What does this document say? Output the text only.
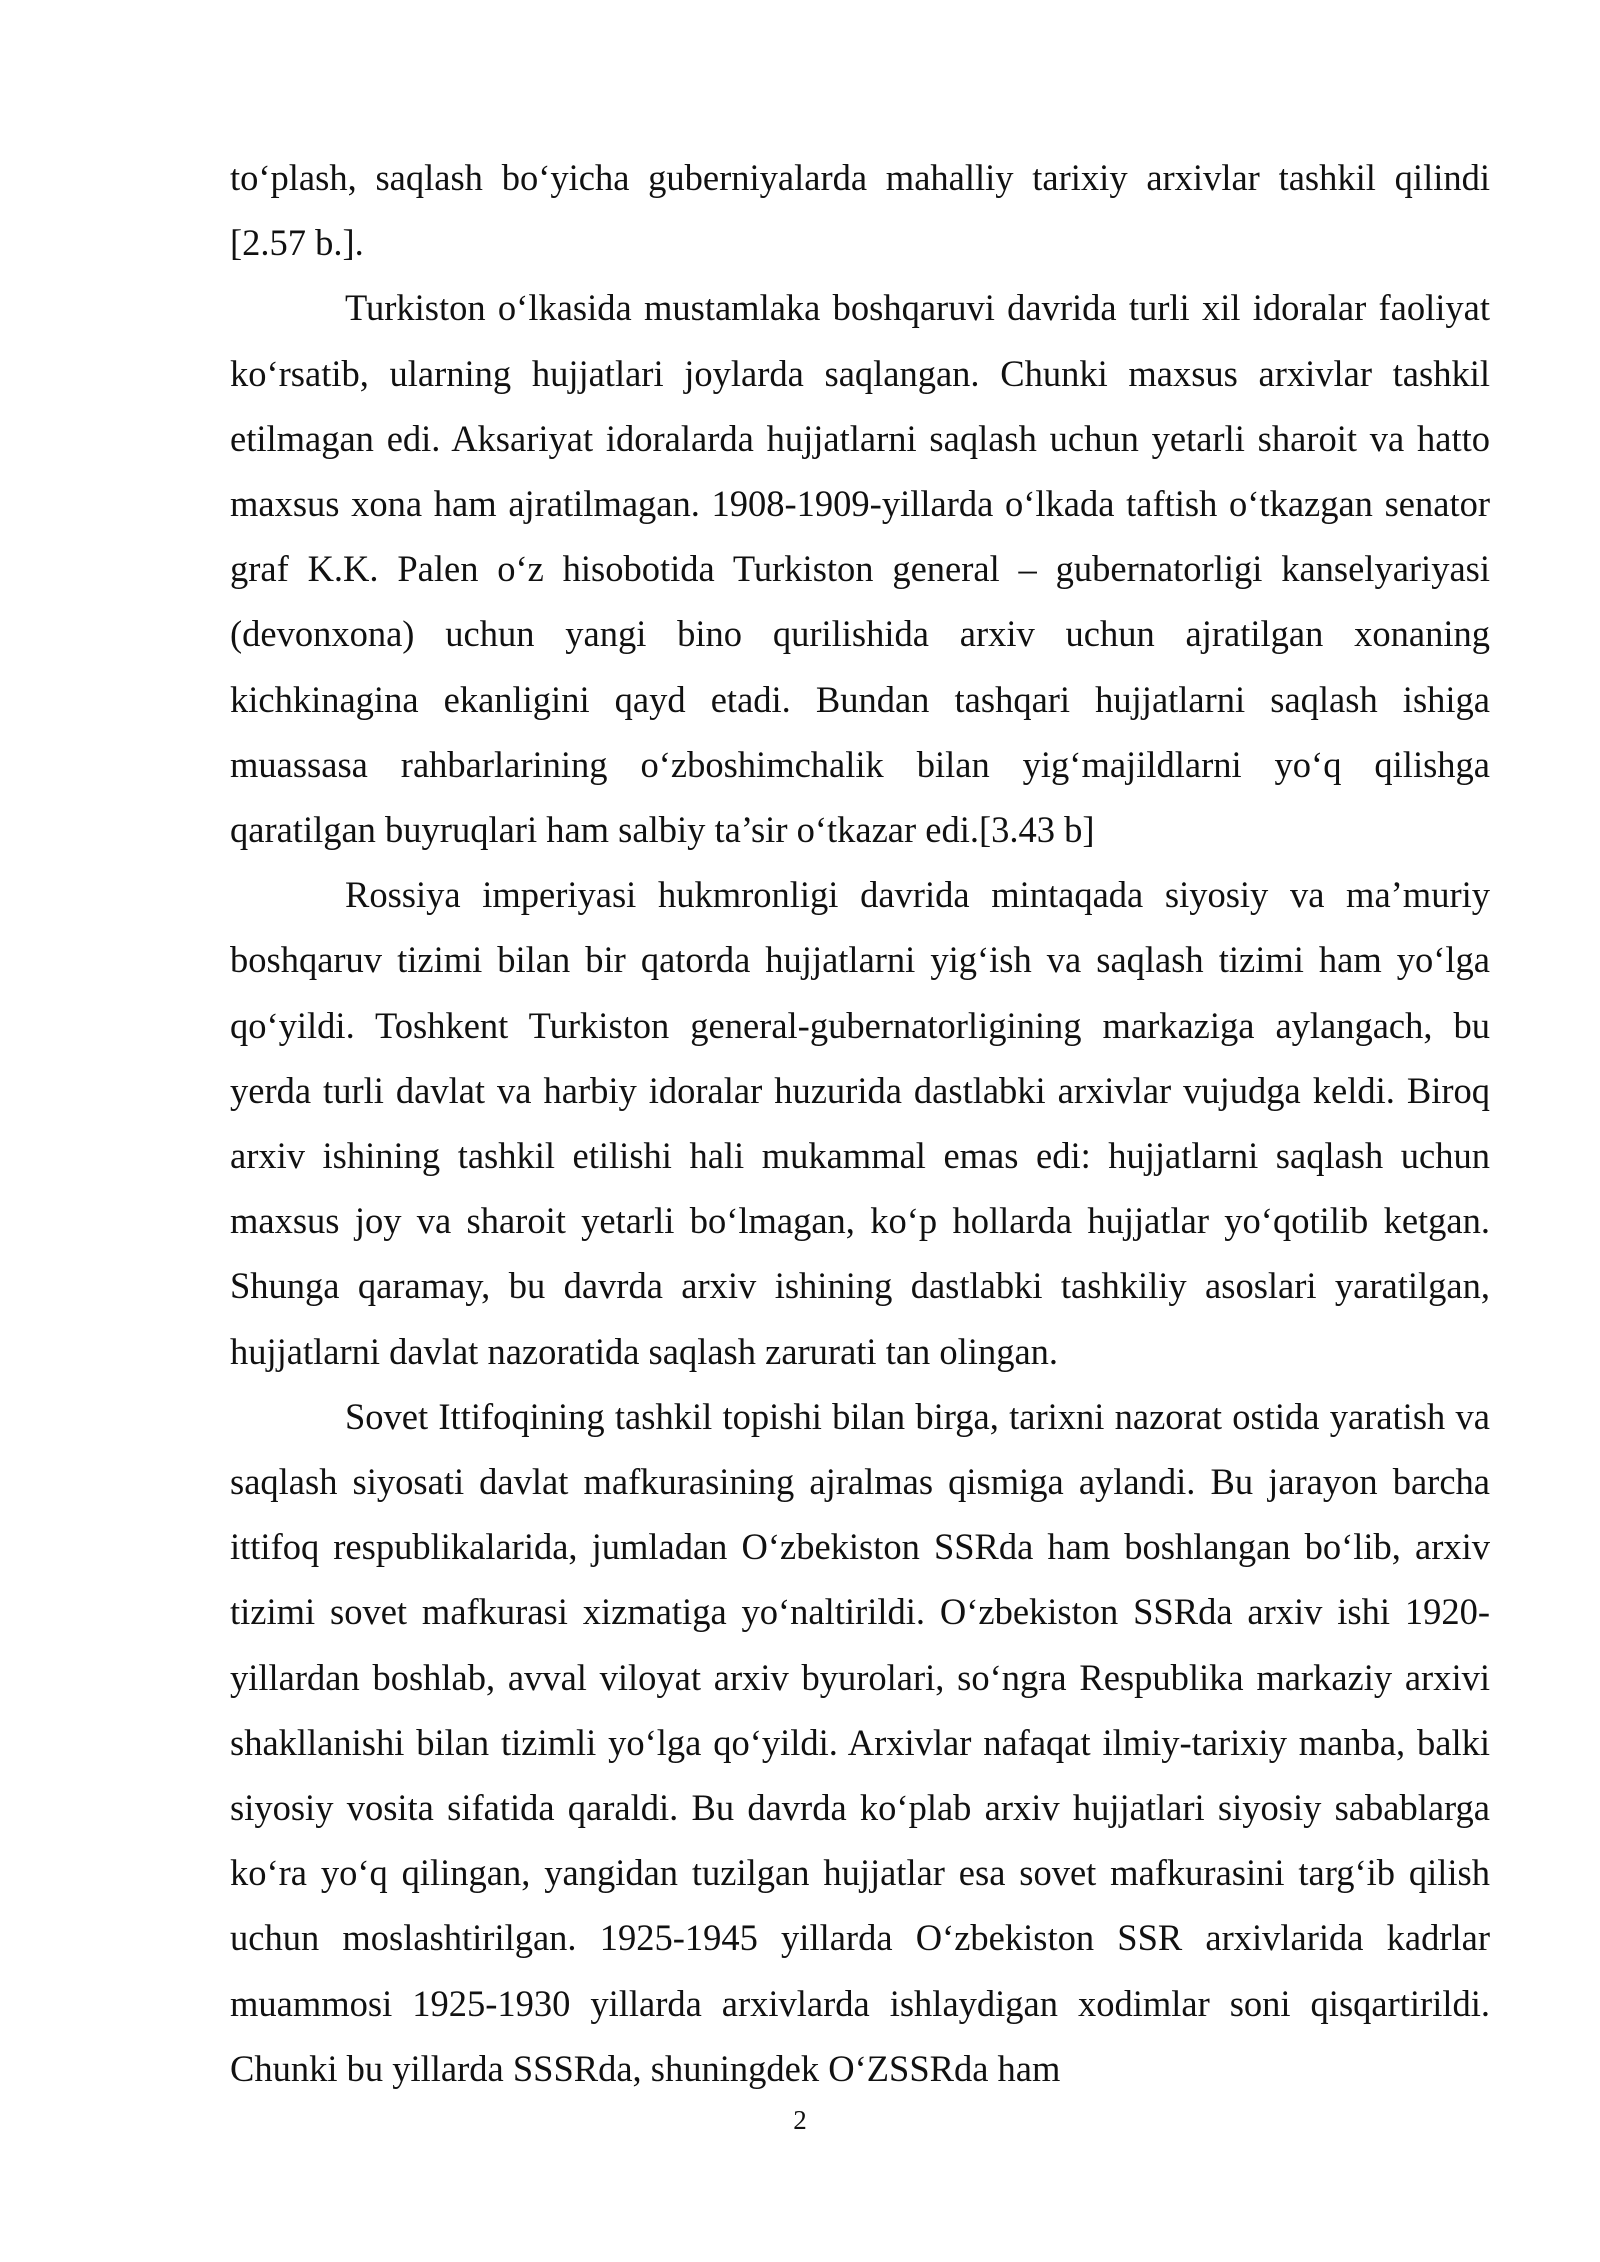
to‘plash, saqlash bo‘yicha guberniyalarda mahalliy tarixiy arxivlar tashkil qilindi [2.57 b.].

Turkiston o‘lkasida mustamlaka boshqaruvi davrida turli xil idoralar faoliyat ko‘rsatib, ularning hujjatlari joylarda saqlangan. Chunki maxsus arxivlar tashkil etilmagan edi. Aksariyat idoralarda hujjatlarni saqlash uchun yetarli sharoit va hatto maxsus xona ham ajratilmagan. 1908-1909-yillarda o‘lkada taftish o‘tkazgan senator graf K.K. Palen o‘z hisobotida Turkiston general – gubernatorligi kanselyariyasi (devonxona) uchun yangi bino qurilishida arxiv uchun ajratilgan xonaning kichkinagina ekanligini qayd etadi. Bundan tashqari hujjatlarni saqlash ishiga muassasa rahbarlarining o‘zboshimchalik bilan yig‘majildlarni yo‘q qilishga qaratilgan buyruqlari ham salbiy ta’sir o‘tkazar edi.[3.43 b]

Rossiya imperiyasi hukmronligi davrida mintaqada siyosiy va ma’muriy boshqaruv tizimi bilan bir qatorda hujjatlarni yig‘ish va saqlash tizimi ham yo‘lga qo‘yildi. Toshkent Turkiston general-gubernatorligining markaziga aylangach, bu yerda turli davlat va harbiy idoralar huzurida dastlabki arxivlar vujudga keldi. Biroq arxiv ishining tashkil etilishi hali mukammal emas edi: hujjatlarni saqlash uchun maxsus joy va sharoit yetarli bo‘lmagan, ko‘p hollarda hujjatlar yo‘qotilib ketgan. Shunga qaramay, bu davrda arxiv ishining dastlabki tashkiliy asoslari yaratilgan, hujjatlarni davlat nazoratida saqlash zarurati tan olingan.

Sovet Ittifoqining tashkil topishi bilan birga, tarixni nazorat ostida yaratish va saqlash siyosati davlat mafkurasining ajralmas qismiga aylandi. Bu jarayon barcha ittifoq respublikalarida, jumladan O‘zbekiston SSRda ham boshlangan bo‘lib, arxiv tizimi sovet mafkurasi xizmatiga yo‘naltirildi. O‘zbekiston SSRda arxiv ishi 1920-yillardan boshlab, avval viloyat arxiv byurolari, so‘ngra Respublika markaziy arxivi shakllanishi bilan tizimli yo‘lga qo‘yildi. Arxivlar nafaqat ilmiy-tarixiy manba, balki siyosiy vosita sifatida qaraldi. Bu davrda ko‘plab arxiv hujjatlari siyosiy sabablarga ko‘ra yo‘q qilingan, yangidan tuzilgan hujjatlar esa sovet mafkurasini targ‘ib qilish uchun moslashtirilgan. 1925-1945 yillarda O‘zbekiston SSR arxivlarida kadrlar muammosi 1925-1930 yillarda arxivlarda ishlaydigan xodimlar soni qisqartirildi. Chunki bu yillarda SSSRda, shuningdek O‘ZSSRda ham

2
